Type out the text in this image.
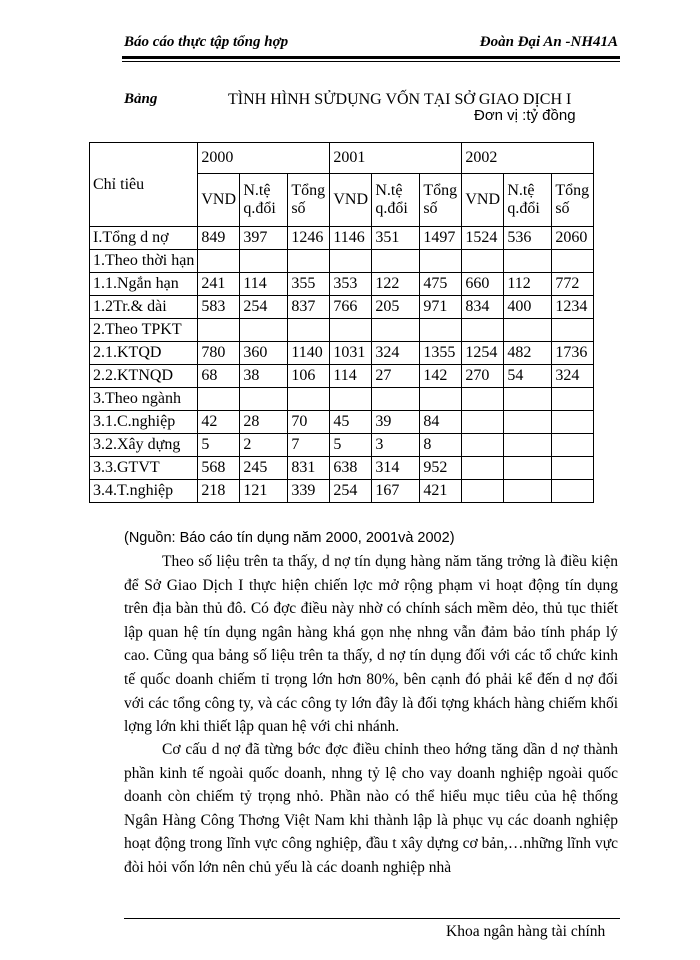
Báo cáo thực tập tổng hợp	Đoàn Đại An -NH41A
Bảng	TÌNH HÌNH SỬDỤNG VỐN TẠI SỞ GIAO DỊCH I
Đơn vị :tỷ đồng
Chỉ tiêu	2000			2001			2002		
	VND	N.tệ q.đổi	Tổng số	VND	N.tệ q.đổi	Tổng số	VND	N.tệ q.đổi	Tổng số
I.Tổng d nợ	849	397	1246	1146	351	1497	1524	536	2060
1.Theo thời hạn									
1.1.Ngắn hạn	241	114	355	353	122	475	660	112	772
1.2Tr.& dài	583	254	837	766	205	971	834	400	1234
2.Theo TPKT									
2.1.KTQD	780	360	1140	1031	324	1355	1254	482	1736
2.2.KTNQD	68	38	106	114	27	142	270	54	324
3.Theo ngành									
3.1.C.nghiệp	42	28	70	45	39	84			
3.2.Xây dựng	5	2	7	5	3	8			
3.3.GTVT	568	245	831	638	314	952			
3.4.T.nghiệp	218	121	339	254	167	421			
(Nguồn: Báo cáo tín dụng năm 2000, 2001và 2002)

Theo số liệu trên ta thấy, d nợ tín dụng hàng năm tăng trởng là điều kiện để Sở Giao Dịch I thực hiện chiến lợc mở rộng phạm vi hoạt động tín dụng trên địa bàn thủ đô. Có đợc điều này nhờ có chính sách mềm dẻo, thủ tục thiết lập quan hệ tín dụng ngân hàng khá gọn nhẹ nhng vẫn đảm bảo tính pháp lý cao. Cũng qua bảng số liệu trên ta thấy, d nợ tín dụng đối với các tổ chức kinh tế quốc doanh chiếm tỉ trọng lớn hơn 80%, bên cạnh đó phải kể đến d nợ đối với các tổng công ty, và các công ty lớn đây là đối tợng khách hàng chiếm khối lợng lớn khi thiết lập quan hệ với chi nhánh.

Cơ cấu d nợ đã từng bớc đợc điều chỉnh theo hớng tăng dần d nợ thành phần kinh tế ngoài quốc doanh, nhng tỷ lệ cho vay doanh nghiệp ngoài quốc doanh còn chiếm tỷ trọng nhỏ. Phần nào có thể hiểu mục tiêu của hệ thống Ngân Hàng Công Thơng Việt Nam khi thành lập là phục vụ các doanh nghiệp hoạt động trong lĩnh vực công nghiệp, đầu t xây dựng cơ bản,…những lĩnh vực đòi hỏi vốn lớn nên chủ yếu là các doanh nghiệp nhà

Khoa ngân hàng tài chính
